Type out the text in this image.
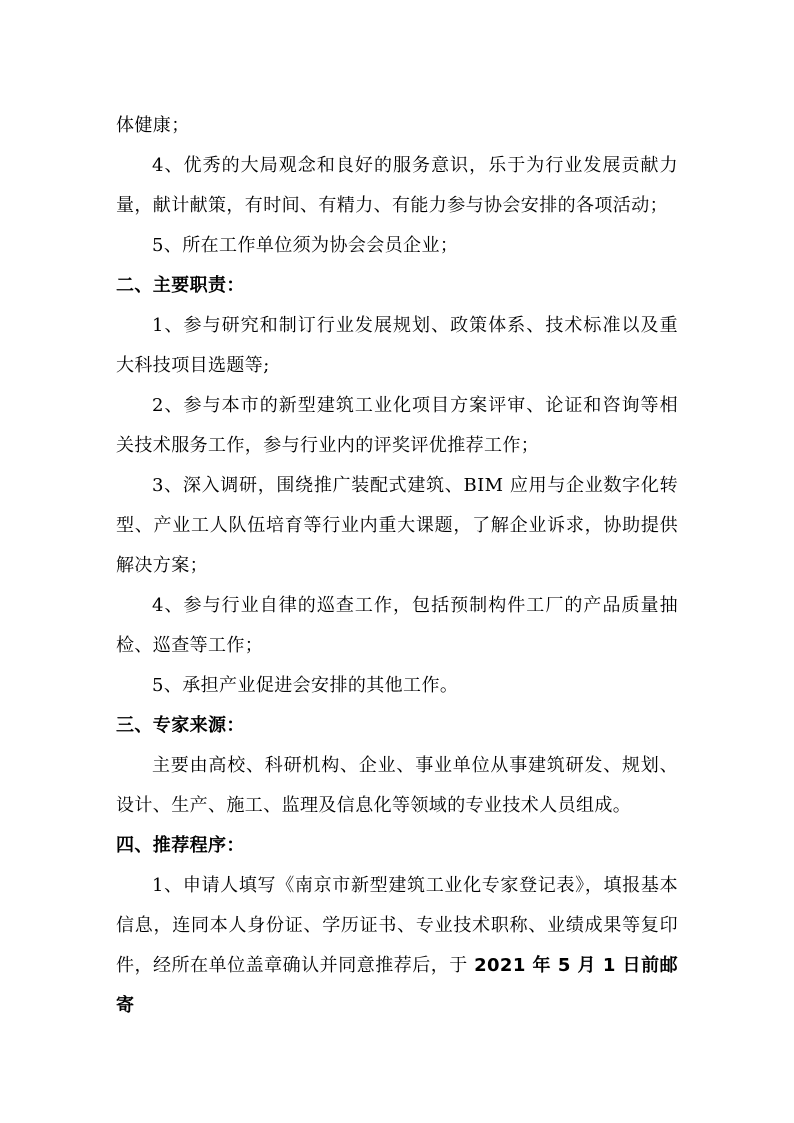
体健康；

4、优秀的大局观念和良好的服务意识，乐于为行业发展贡献力量，献计献策，有时间、有精力、有能力参与协会安排的各项活动；

5、所在工作单位须为协会会员企业；

二、主要职责：

1、参与研究和制订行业发展规划、政策体系、技术标准以及重大科技项目选题等;

2、参与本市的新型建筑工业化项目方案评审、论证和咨询等相关技术服务工作，参与行业内的评奖评优推荐工作；

3、深入调研，围绕推广装配式建筑、BIM 应用与企业数字化转型、产业工人队伍培育等行业内重大课题，了解企业诉求，协助提供解决方案；

4、参与行业自律的巡查工作，包括预制构件工厂的产品质量抽检、巡查等工作；

5、承担产业促进会安排的其他工作。

三、专家来源：

主要由高校、科研机构、企业、事业单位从事建筑研发、规划、设计、生产、施工、监理及信息化等领域的专业技术人员组成。

四、推荐程序：

1、申请人填写《南京市新型建筑工业化专家登记表》，填报基本信息，连同本人身份证、学历证书、专业技术职称、业绩成果等复印件，经所在单位盖章确认并同意推荐后，于 2021 年 5 月 1 日前邮寄
